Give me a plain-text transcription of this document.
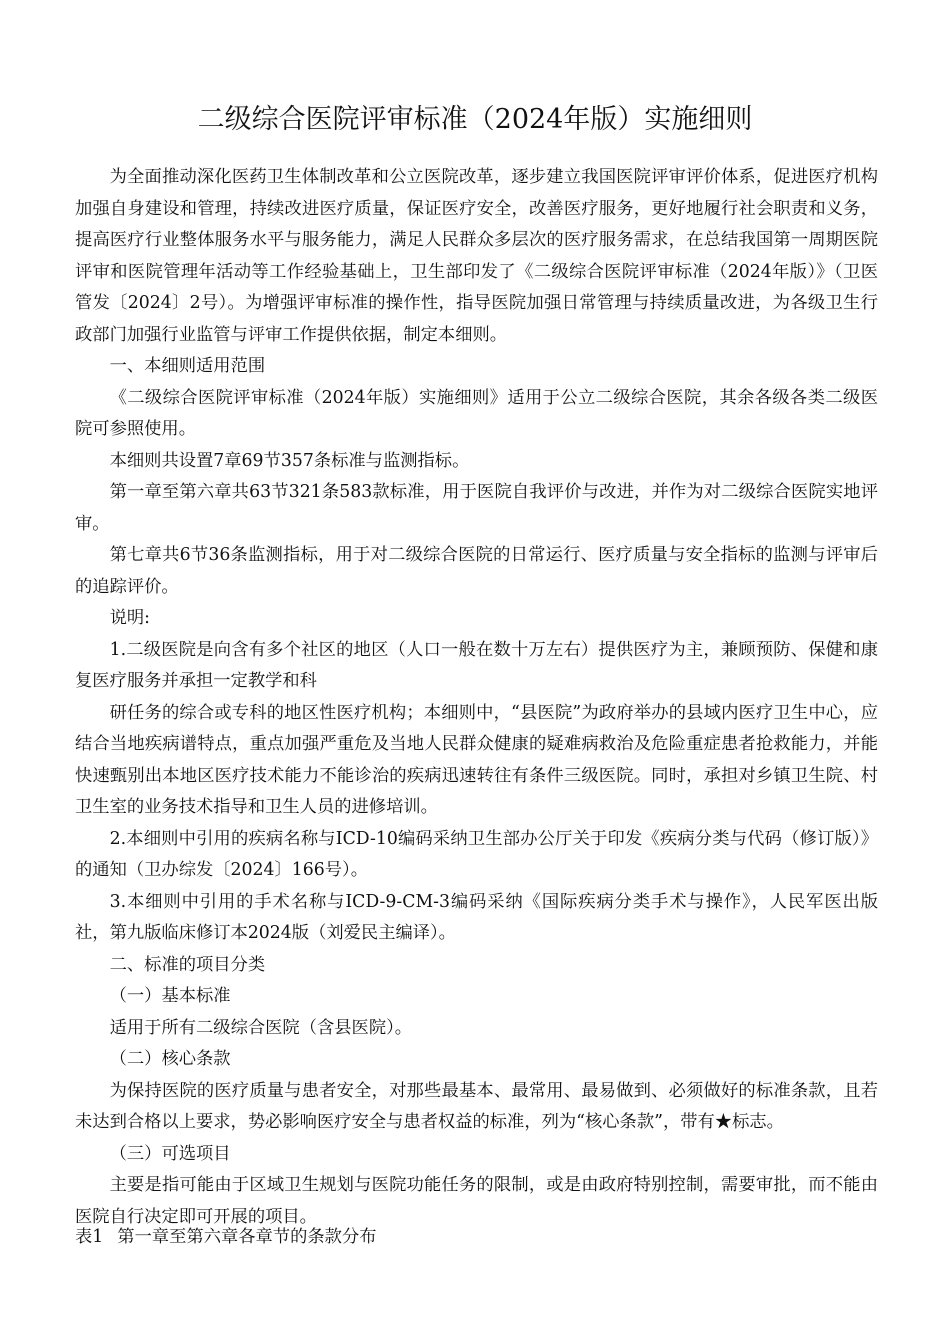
二级综合医院评审标准（2024年版）实施细则

为全面推动深化医药卫生体制改革和公立医院改革，逐步建立我国医院评审评价体系，促进医疗机构加强自身建设和管理，持续改进医疗质量，保证医疗安全，改善医疗服务，更好地履行社会职责和义务，提高医疗行业整体服务水平与服务能力，满足人民群众多层次的医疗服务需求，在总结我国第一周期医院评审和医院管理年活动等工作经验基础上，卫生部印发了《二级综合医院评审标准（2024年版）》（卫医管发〔2024〕2号）。为增强评审标准的操作性，指导医院加强日常管理与持续质量改进，为各级卫生行政部门加强行业监管与评审工作提供依据，制定本细则。

一、本细则适用范围

《二级综合医院评审标准（2024年版）实施细则》适用于公立二级综合医院，其余各级各类二级医院可参照使用。

本细则共设置7章69节357条标准与监测指标。

第一章至第六章共63节321条583款标准，用于医院自我评价与改进，并作为对二级综合医院实地评审。

第七章共6节36条监测指标，用于对二级综合医院的日常运行、医疗质量与安全指标的监测与评审后的追踪评价。

说明:

1.二级医院是向含有多个社区的地区（人口一般在数十万左右）提供医疗为主，兼顾预防、保健和康复医疗服务并承担一定教学和科

研任务的综合或专科的地区性医疗机构；本细则中，“县医院”为政府举办的县域内医疗卫生中心，应结合当地疾病谱特点，重点加强严重危及当地人民群众健康的疑难病救治及危险重症患者抢救能力，并能快速甄别出本地区医疗技术能力不能诊治的疾病迅速转往有条件三级医院。同时，承担对乡镇卫生院、村卫生室的业务技术指导和卫生人员的进修培训。

2.本细则中引用的疾病名称与ICD-10编码采纳卫生部办公厅关于印发《疾病分类与代码（修订版）》的通知（卫办综发〔2024〕166号）。

3.本细则中引用的手术名称与ICD-9-CM-3编码采纳《国际疾病分类手术与操作》，人民军医出版社，第九版临床修订本2024版（刘爱民主编译）。

二、标准的项目分类

（一）基本标准

适用于所有二级综合医院（含县医院）。

（二）核心条款

为保持医院的医疗质量与患者安全，对那些最基本、最常用、最易做到、必须做好的标准条款，且若未达到合格以上要求，势必影响医疗安全与患者权益的标准，列为“核心条款”，带有★标志。

（三）可选项目

主要是指可能由于区域卫生规划与医院功能任务的限制，或是由政府特别控制，需要审批，而不能由医院自行决定即可开展的项目。

表1 第一章至第六章各章节的条款分布
